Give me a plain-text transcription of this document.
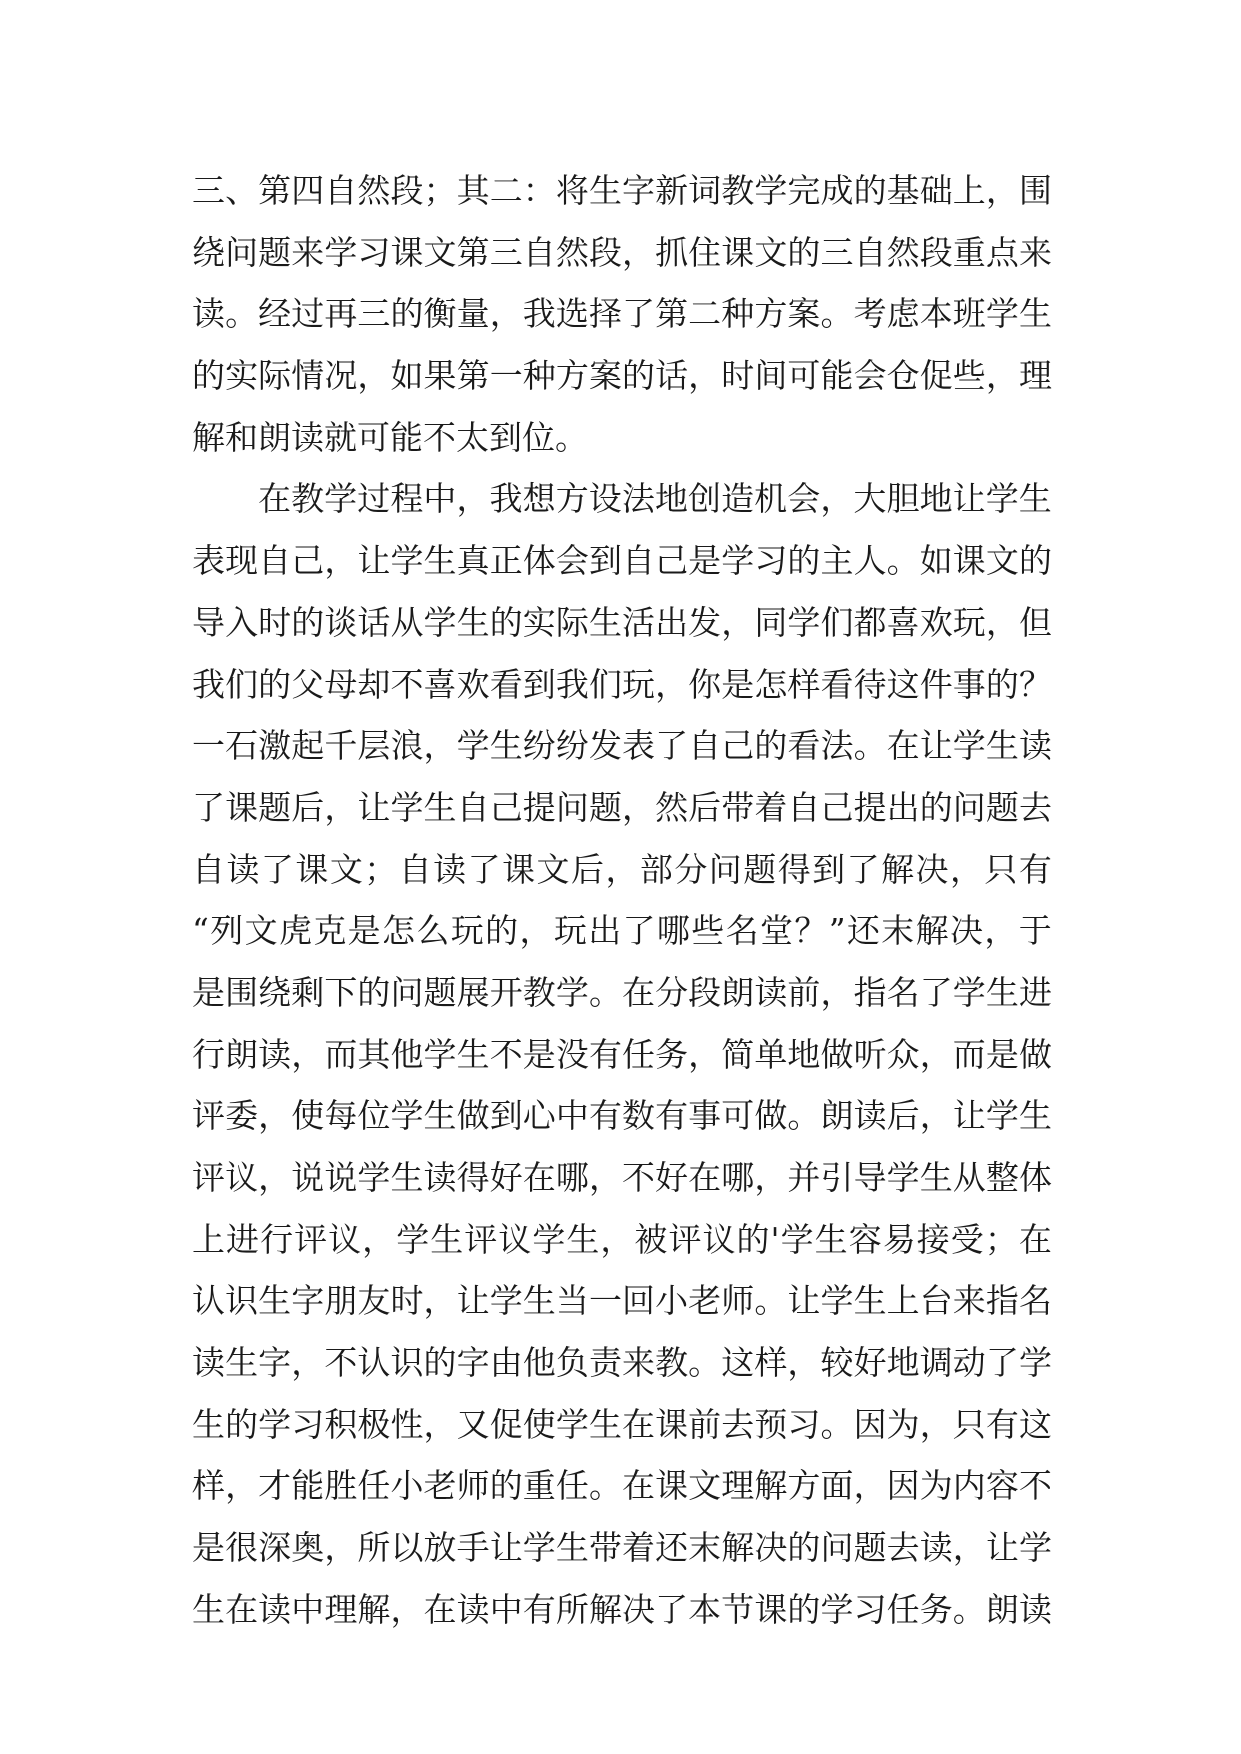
三 、 第 四 自 然 段 ； 其 二 ： 将 生 字 新 词 教 学 完 成 的 基 础 上 ， 围
绕 问 题 来 学 习 课 文 第 三 自 然 段 ， 抓 住 课 文 的 三 自 然 段 重 点 来
读 。 经 过 再 三 的 衡 量 ， 我 选 择 了 第 二 种 方 案 。 考 虑 本 班 学 生
的 实 际 情 况 ， 如 果 第 一 种 方 案 的 话 ， 时 间 可 能 会 仓 促 些 ， 理
解和朗读就可能不太到位。
在 教 学 过 程 中 ， 我 想 方 设 法 地 创 造 机 会 ， 大 胆 地 让 学 生
表 现 自 己 ， 让 学 生 真 正 体 会 到 自 己 是 学 习 的 主 人 。 如 课 文 的
导 入 时 的 谈 话 从 学 生 的 实 际 生 活 出 发 ， 同 学 们 都 喜 欢 玩 ， 但
我 们 的 父 母 却 不 喜 欢 看 到 我 们 玩 ， 你 是 怎 样 看 待 这 件 事 的 ？
一 石 激 起 千 层 浪 ， 学 生 纷 纷 发 表 了 自 己 的 看 法 。 在 让 学 生 读
了 课 题 后 ， 让 学 生 自 己 提 问 题 ， 然 后 带 着 自 己 提 出 的 问 题 去
自 读 了 课 文 ； 自 读 了 课 文 后 ， 部 分 问 题 得 到 了 解 决 ， 只 有
“ 列 文 虎 克 是 怎 么 玩 的 ， 玩 出 了 哪 些 名 堂 ？ ” 还 末 解 决 ， 于
是 围 绕 剩 下 的 问 题 展 开 教 学 。 在 分 段 朗 读 前 ， 指 名 了 学 生 进
行 朗 读 ， 而 其 他 学 生 不 是 没 有 任 务 ， 简 单 地 做 听 众 ， 而 是 做
评 委 ， 使 每 位 学 生 做 到 心 中 有 数 有 事 可 做 。 朗 读 后 ， 让 学 生
评 议 ， 说 说 学 生 读 得 好 在 哪 ， 不 好 在 哪 ， 并 引 导 学 生 从 整 体
上 进 行 评 议 ， 学 生 评 议 学 生 ， 被 评 议 的 ' 学 生 容 易 接 受 ； 在
认 识 生 字 朋 友 时 ， 让 学 生 当 一 回 小 老 师 。 让 学 生 上 台 来 指 名
读 生 字 ， 不 认 识 的 字 由 他 负 责 来 教 。 这 样 ， 较 好 地 调 动 了 学
生 的 学 习 积 极 性 ， 又 促 使 学 生 在 课 前 去 预 习 。 因 为 ， 只 有 这
样 ， 才 能 胜 任 小 老 师 的 重 任 。 在 课 文 理 解 方 面 ， 因 为 内 容 不
是 很 深 奥 ， 所 以 放 手 让 学 生 带 着 还 末 解 决 的 问 题 去 读 ， 让 学
生 在 读 中 理 解 ， 在 读 中 有 所 解 决 了 本 节 课 的 学 习 任 务 。 朗 读
